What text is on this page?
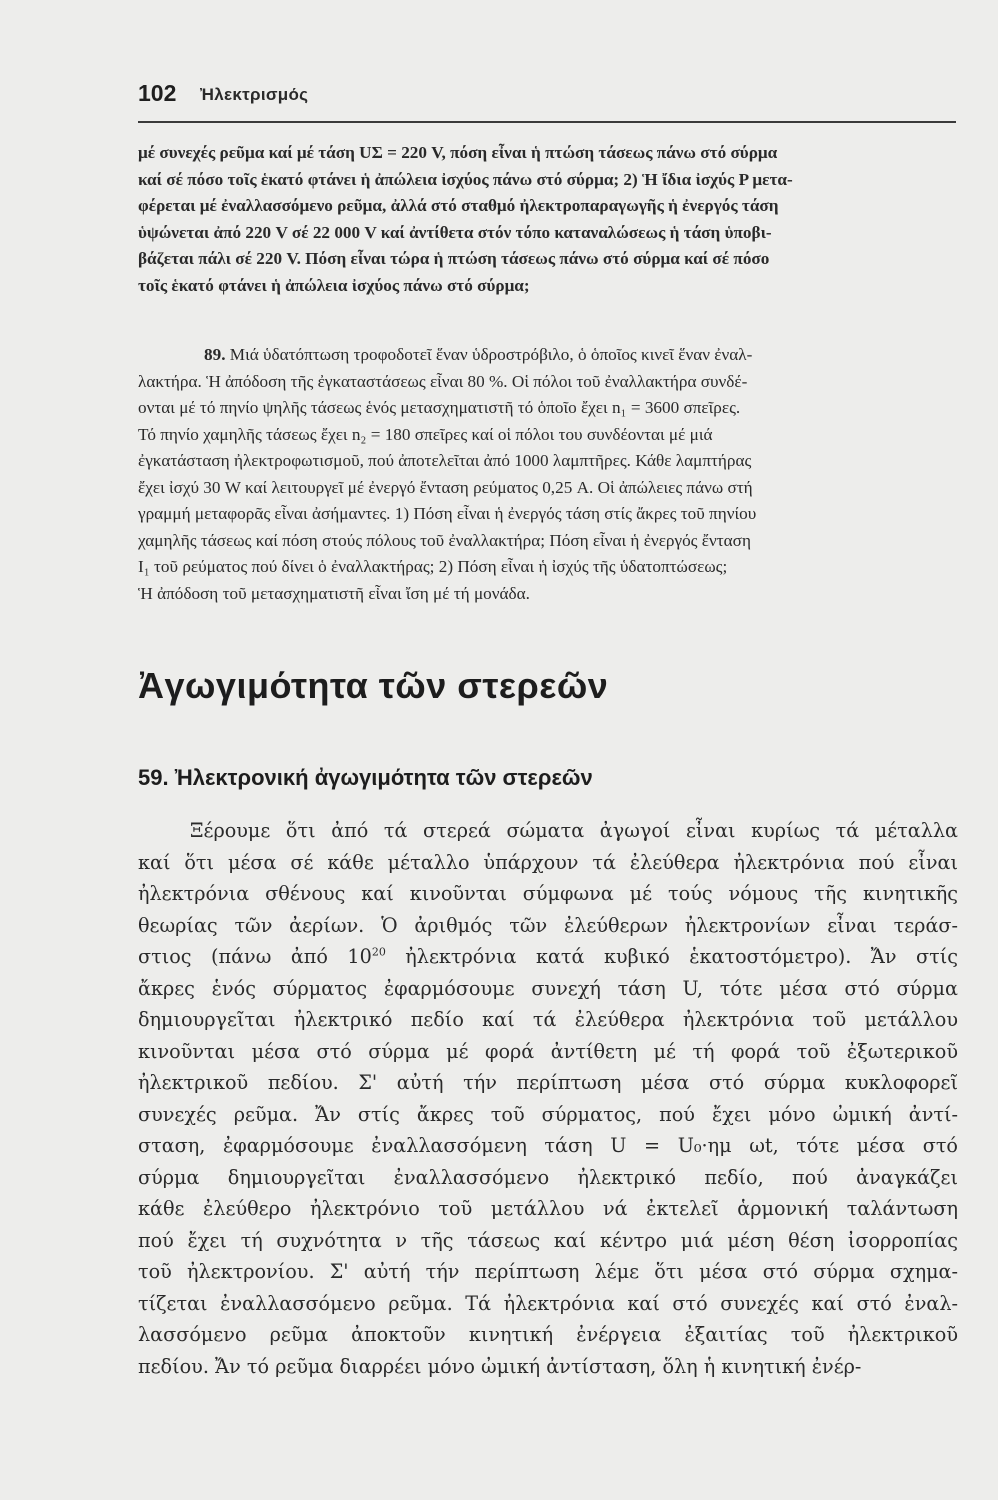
102 Ἠλεκτρισμός
μέ συνεχές ρεῦμα καί μέ τάση UΣ = 220 V, πόση εἶναι ἡ πτώση τάσεως πάνω στό σύρμα
καί σέ πόσο τοῖς ἑκατό φτάνει ἡ ἀπώλεια ἰσχύος πάνω στό σύρμα; 2) Ἡ ἴδια ἰσχύς P μετα-
φέρεται μέ ἐναλλασσόμενο ρεῦμα, ἀλλά στό σταθμό ἠλεκτροπαραγωγῆς ἡ ἐνεργός τάση
ὑψώνεται ἀπό 220 V σέ 22 000 V καί ἀντίθετα στόν τόπο καταναλώσεως ἡ τάση ὑποβι-
βάζεται πάλι σέ 220 V. Πόση εἶναι τώρα ἡ πτώση τάσεως πάνω στό σύρμα καί σέ πόσο
τοῖς ἑκατό φτάνει ἡ ἀπώλεια ἰσχύος πάνω στό σύρμα;
89. Μιά ὑδατόπτωση τροφοδοτεῖ ἕναν ὑδροστρόβιλο, ὁ ὁποῖος κινεῖ ἕναν ἐναλ-
λακτήρα. Ἡ ἀπόδοση τῆς ἐγκαταστάσεως εἶναι 80 %. Οἱ πόλοι τοῦ ἐναλλακτήρα συνδέ-
ονται μέ τό πηνίο ψηλῆς τάσεως ἑνός μετασχηματιστῆ τό ὁποῖο ἔχει n₁ = 3600 σπεῖρες.
Τό πηνίο χαμηλῆς τάσεως ἔχει n₂ = 180 σπεῖρες καί οἱ πόλοι του συνδέονται μέ μιά
ἐγκατάσταση ἠλεκτροφωτισμοῦ, πού ἀποτελεῖται ἀπό 1000 λαμπτῆρες. Κάθε λαμπτήρας
ἔχει ἰσχύ 30 W καί λειτουργεῖ μέ ἐνεργό ἔνταση ρεύματος 0,25 A. Οἱ ἀπώλειες πάνω στή
γραμμή μεταφορᾶς εἶναι ἀσήμαντες. 1) Πόση εἶναι ἡ ἐνεργός τάση στίς ἄκρες τοῦ πηνίου
χαμηλῆς τάσεως καί πόση στούς πόλους τοῦ ἐναλλακτήρα; Πόση εἶναι ἡ ἐνεργός ἔνταση
I₁ τοῦ ρεύματος πού δίνει ὁ ἐναλλακτήρας; 2) Πόση εἶναι ἡ ἰσχύς τῆς ὑδατοπτώσεως;
Ἡ ἀπόδοση τοῦ μετασχηματιστῆ εἶναι ἴση μέ τή μονάδα.
Ἀγωγιμότητα τῶν στερεῶν
59. Ἠλεκτρονική ἀγωγιμότητα τῶν στερεῶν
Ξέρουμε ὅτι ἀπό τά στερεά σώματα ἀγωγοί εἶναι κυρίως τά μέταλλα
καί ὅτι μέσα σέ κάθε μέταλλο ὑπάρχουν τά ἐλεύθερα ἠλεκτρόνια πού εἶναι
ἠλεκτρόνια σθένους καί κινοῦνται σύμφωνα μέ τούς νόμους τῆς κινητικῆς
θεωρίας τῶν ἀερίων. Ὁ ἀριθμός τῶν ἐλεύθερων ἠλεκτρονίων εἶναι τεράσ-
στιος (πάνω ἀπό $10^{20}$ ἠλεκτρόνια κατά κυβικό ἑκατοστόμετρο). Ἄν στίς
ἄκρες ἑνός σύρματος ἐφαρμόσουμε συνεχή τάση U, τότε μέσα στό σύρμα
δημιουργεῖται ἠλεκτρικό πεδίο καί τά ἐλεύθερα ἠλεκτρόνια τοῦ μετάλλου
κινοῦνται μέσα στό σύρμα μέ φορά ἀντίθετη μέ τή φορά τοῦ ἐξωτερικοῦ
ἠλεκτρικοῦ πεδίου. Σ' αὐτή τήν περίπτωση μέσα στό σύρμα κυκλοφορεῖ
συνεχές ρεῦμα. Ἄν στίς ἄκρες τοῦ σύρματος, πού ἔχει μόνο ὠμική ἀντί-
σταση, ἐφαρμόσουμε ἐναλλασσόμενη τάση U = U₀·ημ ωt, τότε μέσα στό
σύρμα δημιουργεῖται ἐναλλασσόμενο ἠλεκτρικό πεδίο, πού ἀναγκάζει
κάθε ἐλεύθερο ἠλεκτρόνιο τοῦ μετάλλου νά ἐκτελεῖ ἁρμονική ταλάντωση
πού ἔχει τή συχνότητα ν τῆς τάσεως καί κέντρο μιά μέση θέση ἰσορροπίας
τοῦ ἠλεκτρονίου. Σ' αὐτή τήν περίπτωση λέμε ὅτι μέσα στό σύρμα σχημα-
τίζεται ἐναλλασσόμενο ρεῦμα. Τά ἠλεκτρόνια καί στό συνεχές καί στό ἐναλ-
λασσόμενο ρεῦμα ἀποκτοῦν κινητική ἐνέργεια ἐξαιτίας τοῦ ἠλεκτρικοῦ
πεδίου. Ἄν τό ρεῦμα διαρρέει μόνο ὠμική ἀντίσταση, ὅλη ἡ κινητική ἐνέρ-
